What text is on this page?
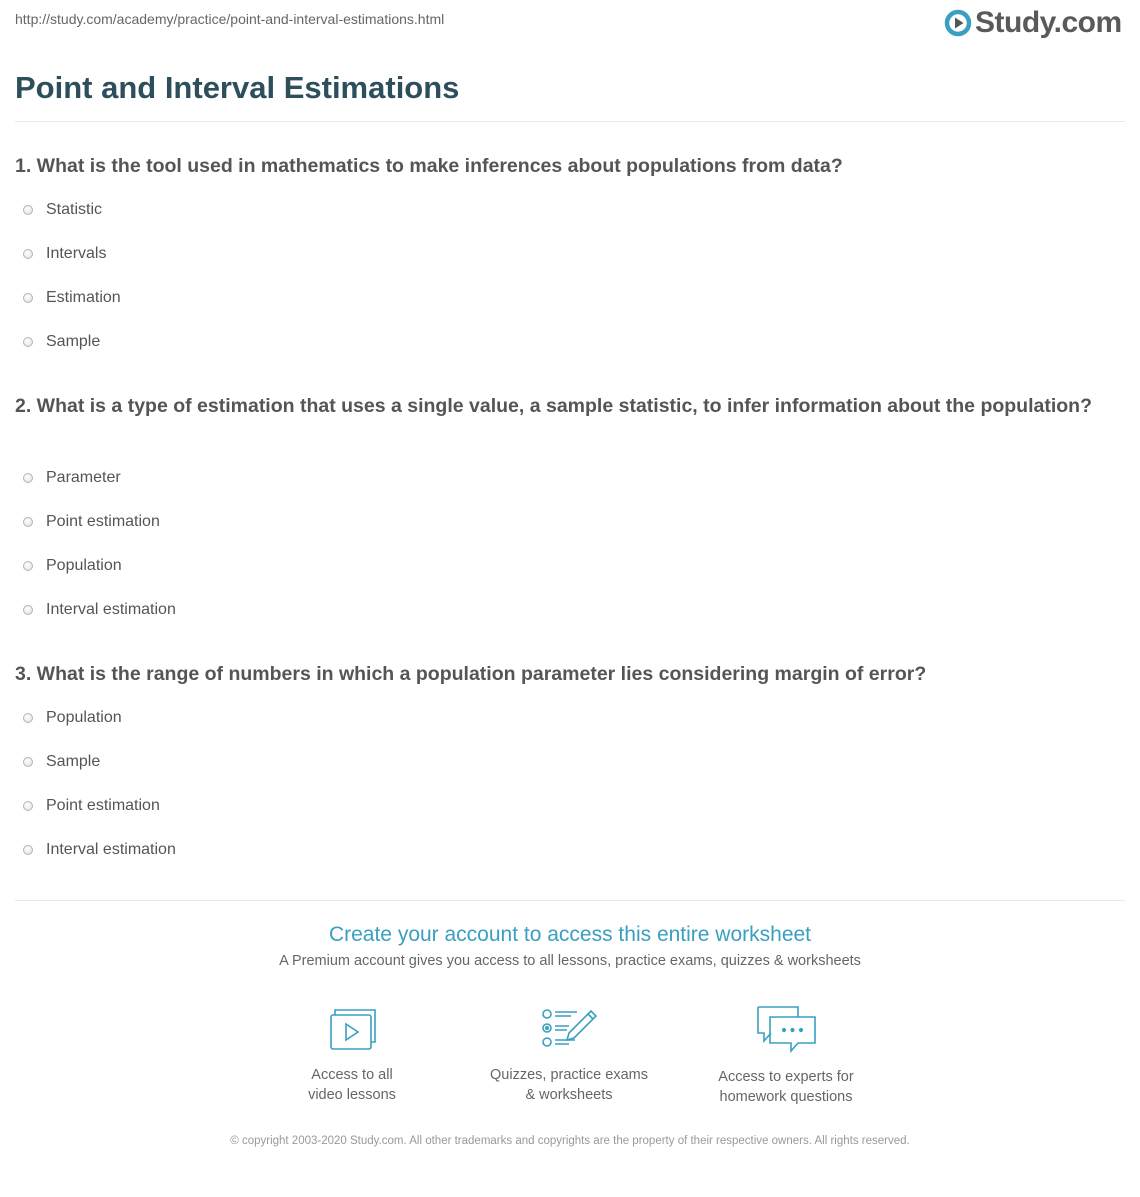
http://study.com/academy/practice/point-and-interval-estimations.html	Study.com
Point and Interval Estimations
1. What is the tool used in mathematics to make inferences about populations from data?
Statistic
Intervals
Estimation
Sample
2. What is a type of estimation that uses a single value, a sample statistic, to infer information about the population?
Parameter
Point estimation
Population
Interval estimation
3. What is the range of numbers in which a population parameter lies considering margin of error?
Population
Sample
Point estimation
Interval estimation
Create your account to access this entire worksheet
A Premium account gives you access to all lessons, practice exams, quizzes & worksheets
Access to all
video lessons
Quizzes, practice exams
& worksheets
Access to experts for
homework questions
© copyright 2003-2020 Study.com. All other trademarks and copyrights are the property of their respective owners. All rights reserved.
